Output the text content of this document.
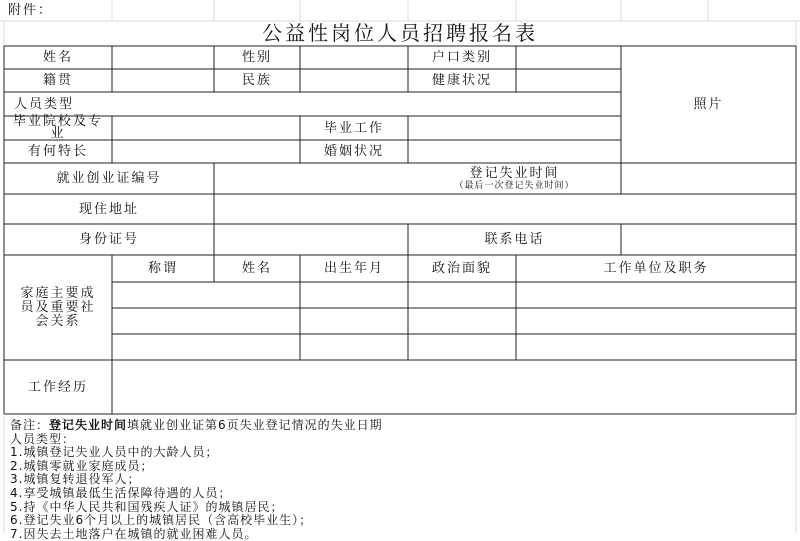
附件：
公益性岗位人员招聘报名表
姓名	性别	户口类别
籍贯	民族	健康状况
照片
人员类型
毕业院校及专业	毕业工作
有何特长	婚姻状况
就业创业证编号	登记失业时间
（最后一次登记失业时间）
现住地址
身份证号	联系电话
家庭主要成员及重要社会关系
称谓	姓名	出生年月	政治面貌	工作单位及职务
工作经历
备注：登记失业时间填就业创业证第6页失业登记情况的失业日期
人员类型：
1.城镇登记失业人员中的大龄人员；
2.城镇零就业家庭成员；
3.城镇复转退役军人；
4.享受城镇最低生活保障待遇的人员；
5.持《中华人民共和国残疾人证》的城镇居民；
6.登记失业6个月以上的城镇居民（含高校毕业生）；
7.因失去土地落户在城镇的就业困难人员。
